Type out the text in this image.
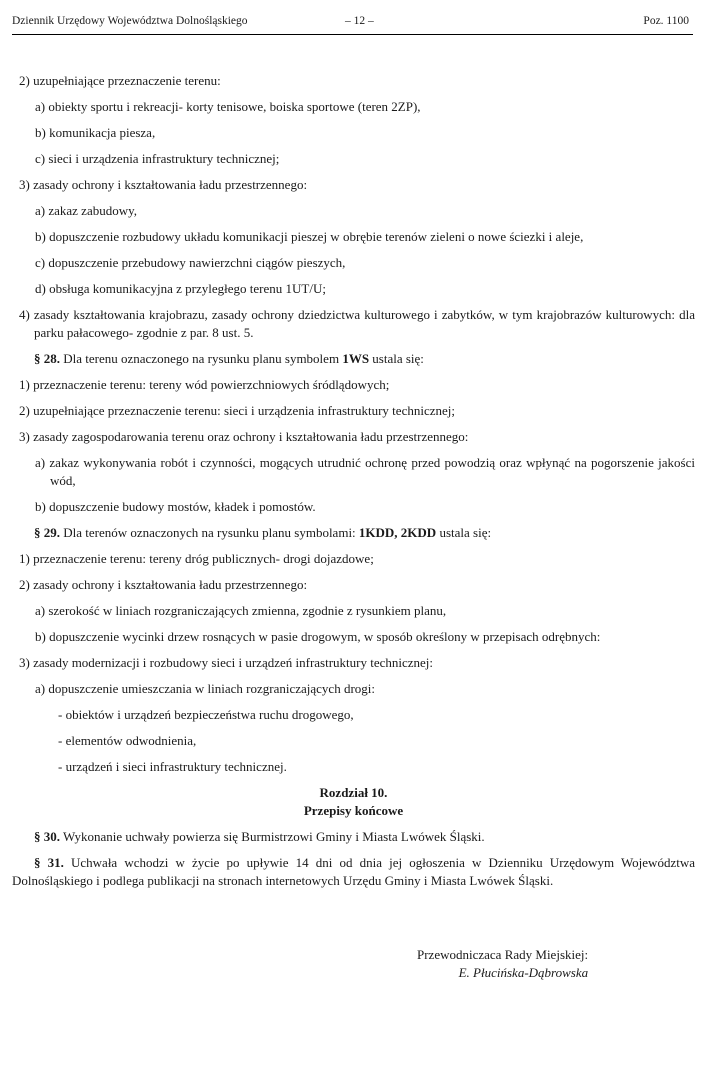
Dziennik Urzędowy Województwa Dolnośląskiego	– 12 –	Poz. 1100

2) uzupełniające przeznaczenie terenu:

a) obiekty sportu i rekreacji- korty tenisowe, boiska sportowe (teren 2ZP),

b) komunikacja piesza,

c) sieci i urządzenia infrastruktury technicznej;

3) zasady ochrony i kształtowania ładu przestrzennego:

a) zakaz zabudowy,

b) dopuszczenie rozbudowy układu komunikacji pieszej w obrębie terenów zieleni o nowe ściezki i aleje,

c) dopuszczenie przebudowy nawierzchni ciągów pieszych,

d) obsługa komunikacyjna z przyległego terenu 1UT/U;

4) zasady kształtowania krajobrazu, zasady ochrony dziedzictwa kulturowego i zabytków, w tym krajobrazów kulturowych: dla parku pałacowego- zgodnie z par. 8 ust. 5.

§ 28. Dla terenu oznaczonego na rysunku planu symbolem 1WS ustala się:

1) przeznaczenie terenu: tereny wód powierzchniowych śródlądowych;

2) uzupełniające przeznaczenie terenu: sieci i urządzenia infrastruktury technicznej;

3) zasady zagospodarowania terenu oraz ochrony i kształtowania ładu przestrzennego:

a) zakaz wykonywania robót i czynności, mogących utrudnić ochronę przed powodzią oraz wpłynąć na pogorszenie jakości wód,

b) dopuszczenie budowy mostów, kładek i pomostów.

§ 29. Dla terenów oznaczonych na rysunku planu symbolami: 1KDD, 2KDD ustala się:

1) przeznaczenie terenu: tereny dróg publicznych- drogi dojazdowe;

2) zasady ochrony i kształtowania ładu przestrzennego:

a) szerokość w liniach rozgraniczających zmienna, zgodnie z rysunkiem planu,

b) dopuszczenie wycinki drzew rosnących w pasie drogowym, w sposób określony w przepisach odrębnych:

3) zasady modernizacji i rozbudowy sieci i urządzeń infrastruktury technicznej:

a) dopuszczenie umieszczania w liniach rozgraniczających drogi:

- obiektów i urządzeń bezpieczeństwa ruchu drogowego,

- elementów odwodnienia,

- urządzeń i sieci infrastruktury technicznej.

Rozdział 10.

Przepisy końcowe

§ 30. Wykonanie uchwały powierza się Burmistrzowi Gminy i Miasta Lwówek Śląski.

§ 31. Uchwała wchodzi w życie po upływie 14 dni od dnia jej ogłoszenia w Dzienniku Urzędowym Województwa Dolnośląskiego i podlega publikacji na stronach internetowych Urzędu Gminy i Miasta Lwówek Śląski.

Przewodniczaca Rady Miejskiej:
E. Płucińska-Dąbrowska
